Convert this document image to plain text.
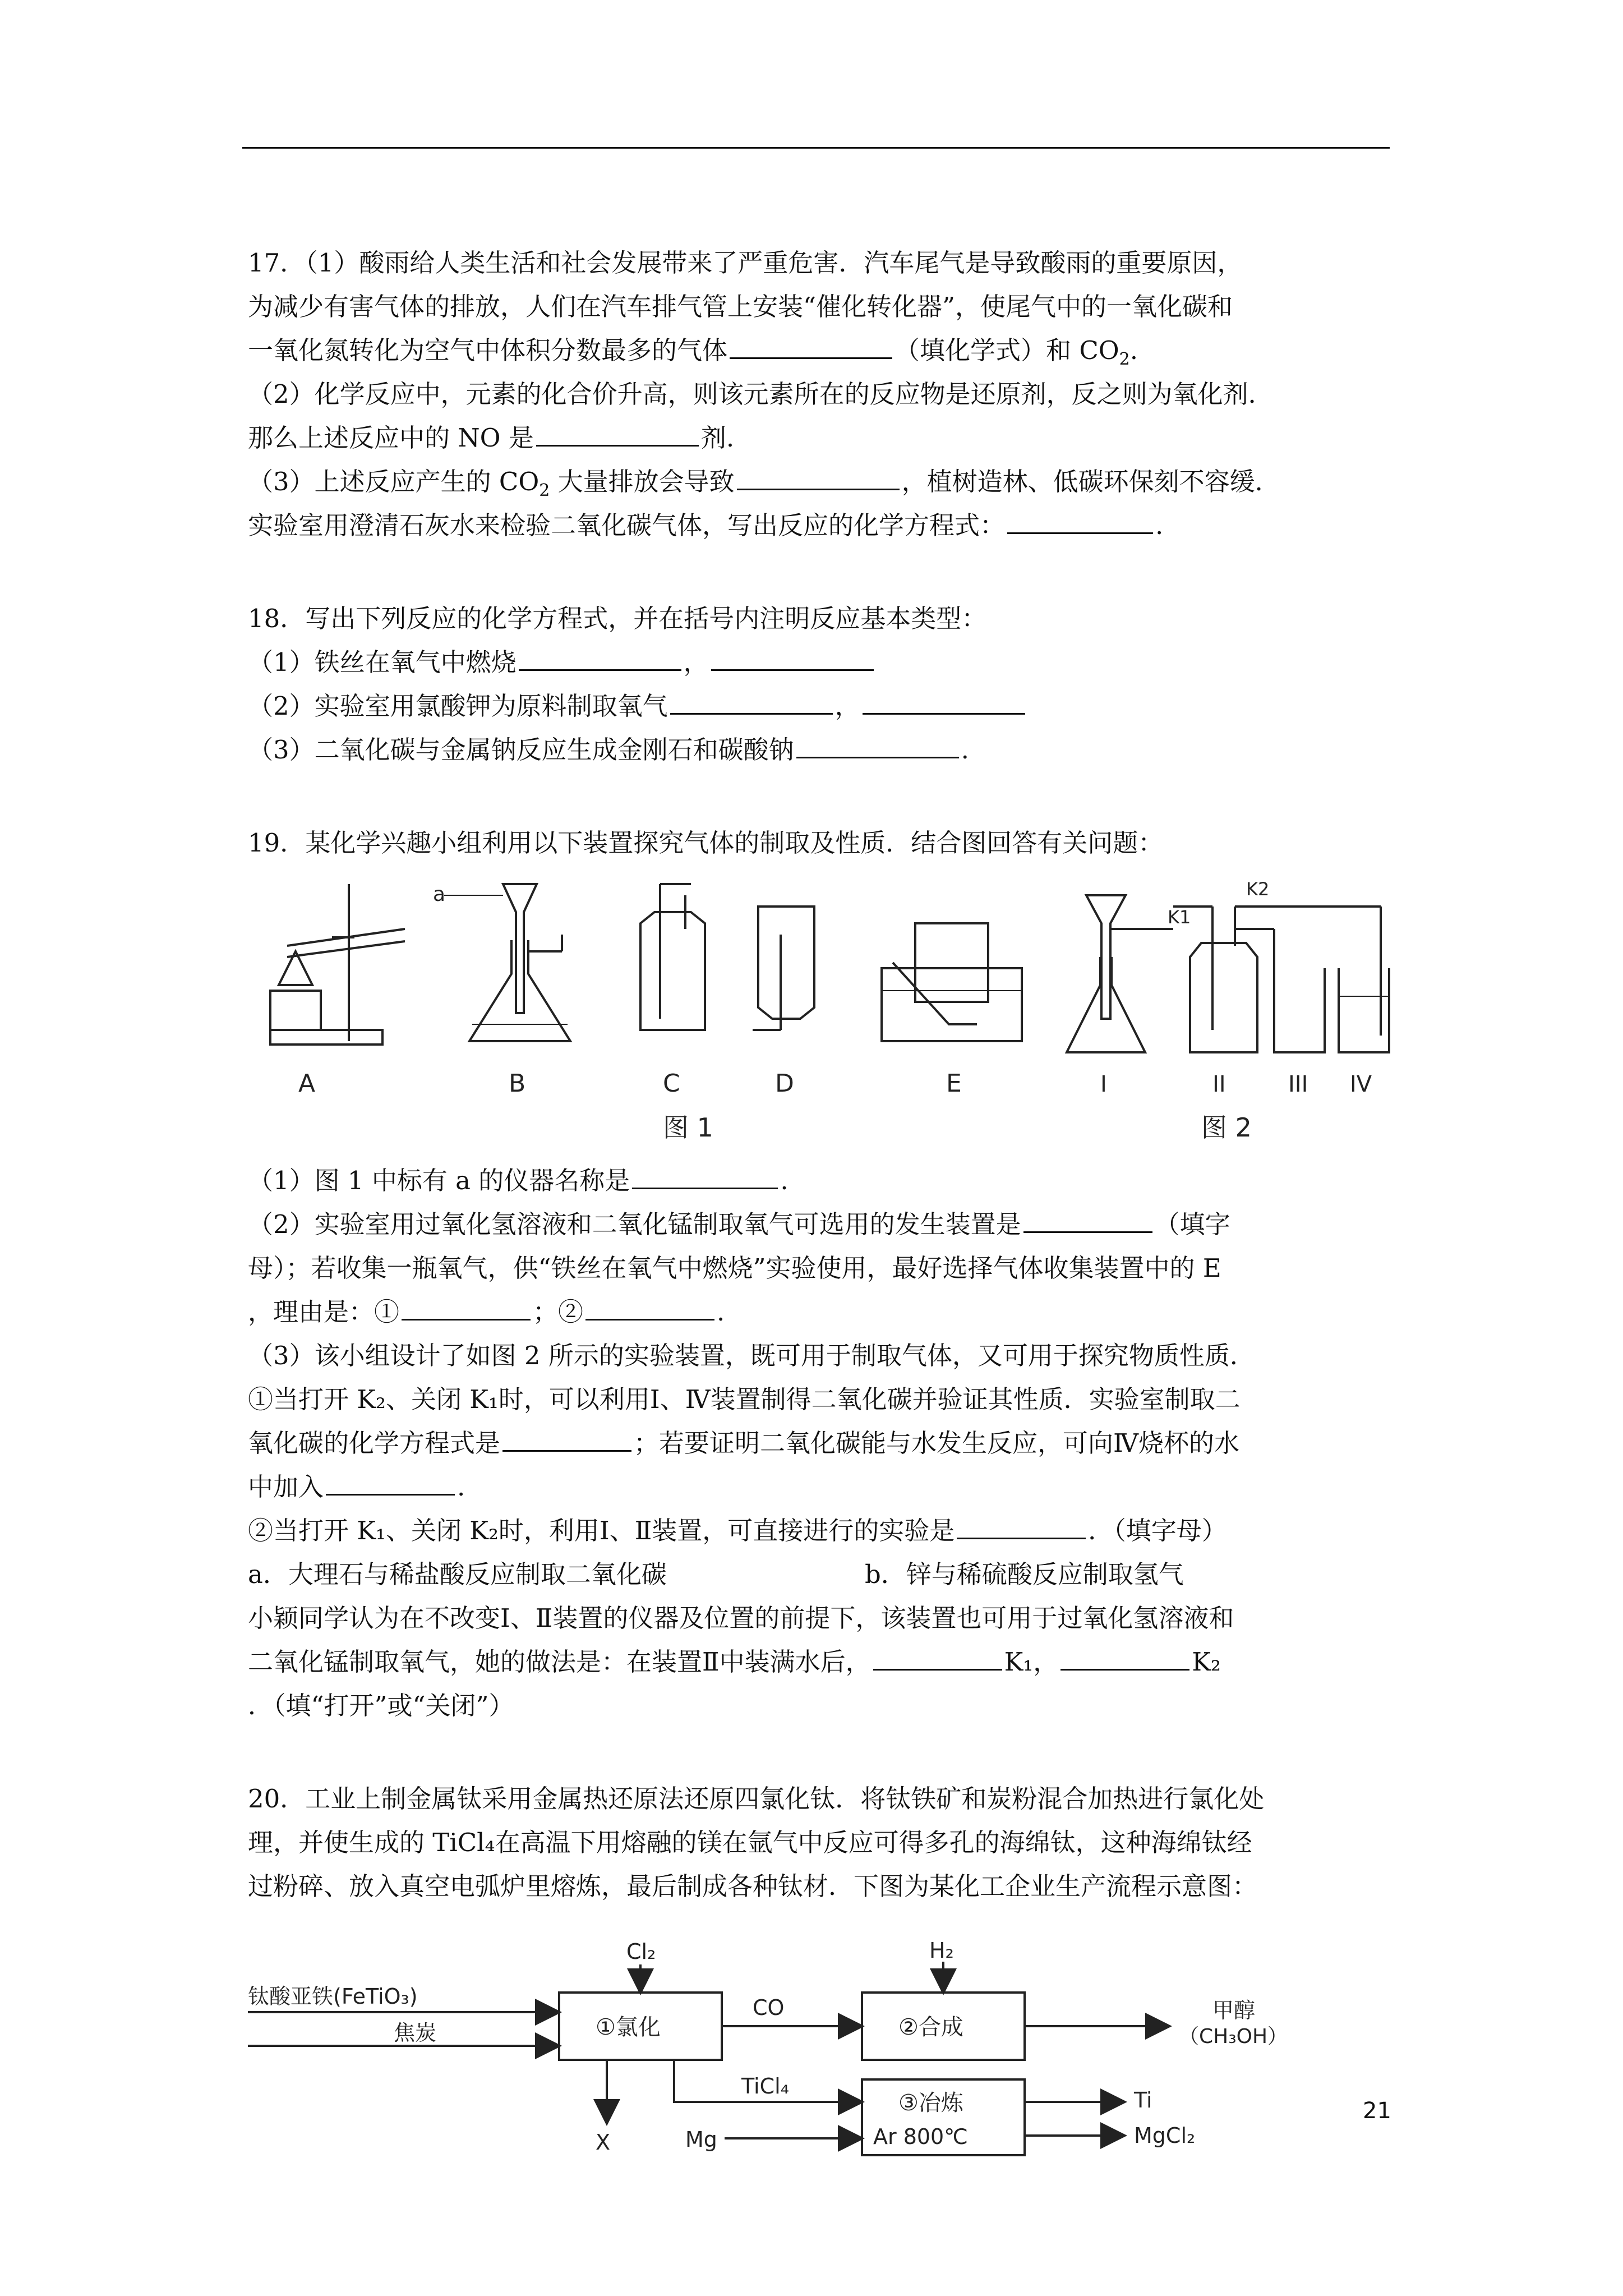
17．（1）酸雨给人类生活和社会发展带来了严重危害．汽车尾气是导致酸雨的重要原因，
为减少有害气体的排放，人们在汽车排气管上安装“催化转化器”，使尾气中的一氧化碳和
一氧化氮转化为空气中体积分数最多的气体	（填化学式）和 $CO_2$.
（2）化学反应中，元素的化合价升高，则该元素所在的反应物是还原剂，反之则为氧化剂．
那么上述反应中的 NO 是	剂.
（3）上述反应产生的 $CO_2$ 大量排放会导致	，植树造林、低碳环保刻不容缓．
实验室用澄清石灰水来检验二氧化碳气体，写出反应的化学方程式：	.
18．写出下列反应的化学方程式，并在括号内注明反应基本类型：
（1）铁丝在氧气中燃烧	，
（2）实验室用氯酸钾为原料制取氧气	，
（3）二氧化碳与金属钠反应生成金刚石和碳酸钠	.
19．某化学兴趣小组利用以下装置探究气体的制取及性质．结合图回答有关问题：
A	B	C	D	E	I	II	III IV
a
K1
K2
图 1	图 2
（1）图 1 中标有 a 的仪器名称是	.
（2）实验室用过氧化氢溶液和二氧化锰制取氧气可选用的发生装置是	（填字
母）；若收集一瓶氧气，供“铁丝在氧气中燃烧”实验使用，最好选择气体收集装置中的 E
，理由是：①	；②	.
（3）该小组设计了如图 2 所示的实验装置，既可用于制取气体，又可用于探究物质性质．
①当打开 K₂、关闭 K₁时，可以利用Ⅰ、Ⅳ装置制得二氧化碳并验证其性质．实验室制取二
氧化碳的化学方程式是	；若要证明二氧化碳能与水发生反应，可向Ⅳ烧杯的水
中加入	.
②当打开 K₁、关闭 K₂时，利用Ⅰ、Ⅱ装置，可直接进行的实验是	．（填字母）
a．大理石与稀盐酸反应制取二氧化碳	b．锌与稀硫酸反应制取氢气
小颖同学认为在不改变Ⅰ、Ⅱ装置的仪器及位置的前提下，该装置也可用于过氧化氢溶液和
二氧化锰制取氧气，她的做法是：在装置Ⅱ中装满水后，	K₁，	K₂
．（填“打开”或“关闭”）
20．工业上制金属钛采用金属热还原法还原四氯化钛．将钛铁矿和炭粉混合加热进行氯化处
理，并使生成的 TiCl₄在高温下用熔融的镁在氩气中反应可得多孔的海绵钛，这种海绵钛经
过粉碎、放入真空电弧炉里熔炼，最后制成各种钛材．下图为某化工企业生产流程示意图：
钛酸亚铁(FeTiO₃)
焦炭
Cl₂
①氯化
CO
H₂
②合成
甲醇
（CH₃OH）
TiCl₄
X	Mg
③冶炼
Ar 800℃
Ti
MgCl₂
21
